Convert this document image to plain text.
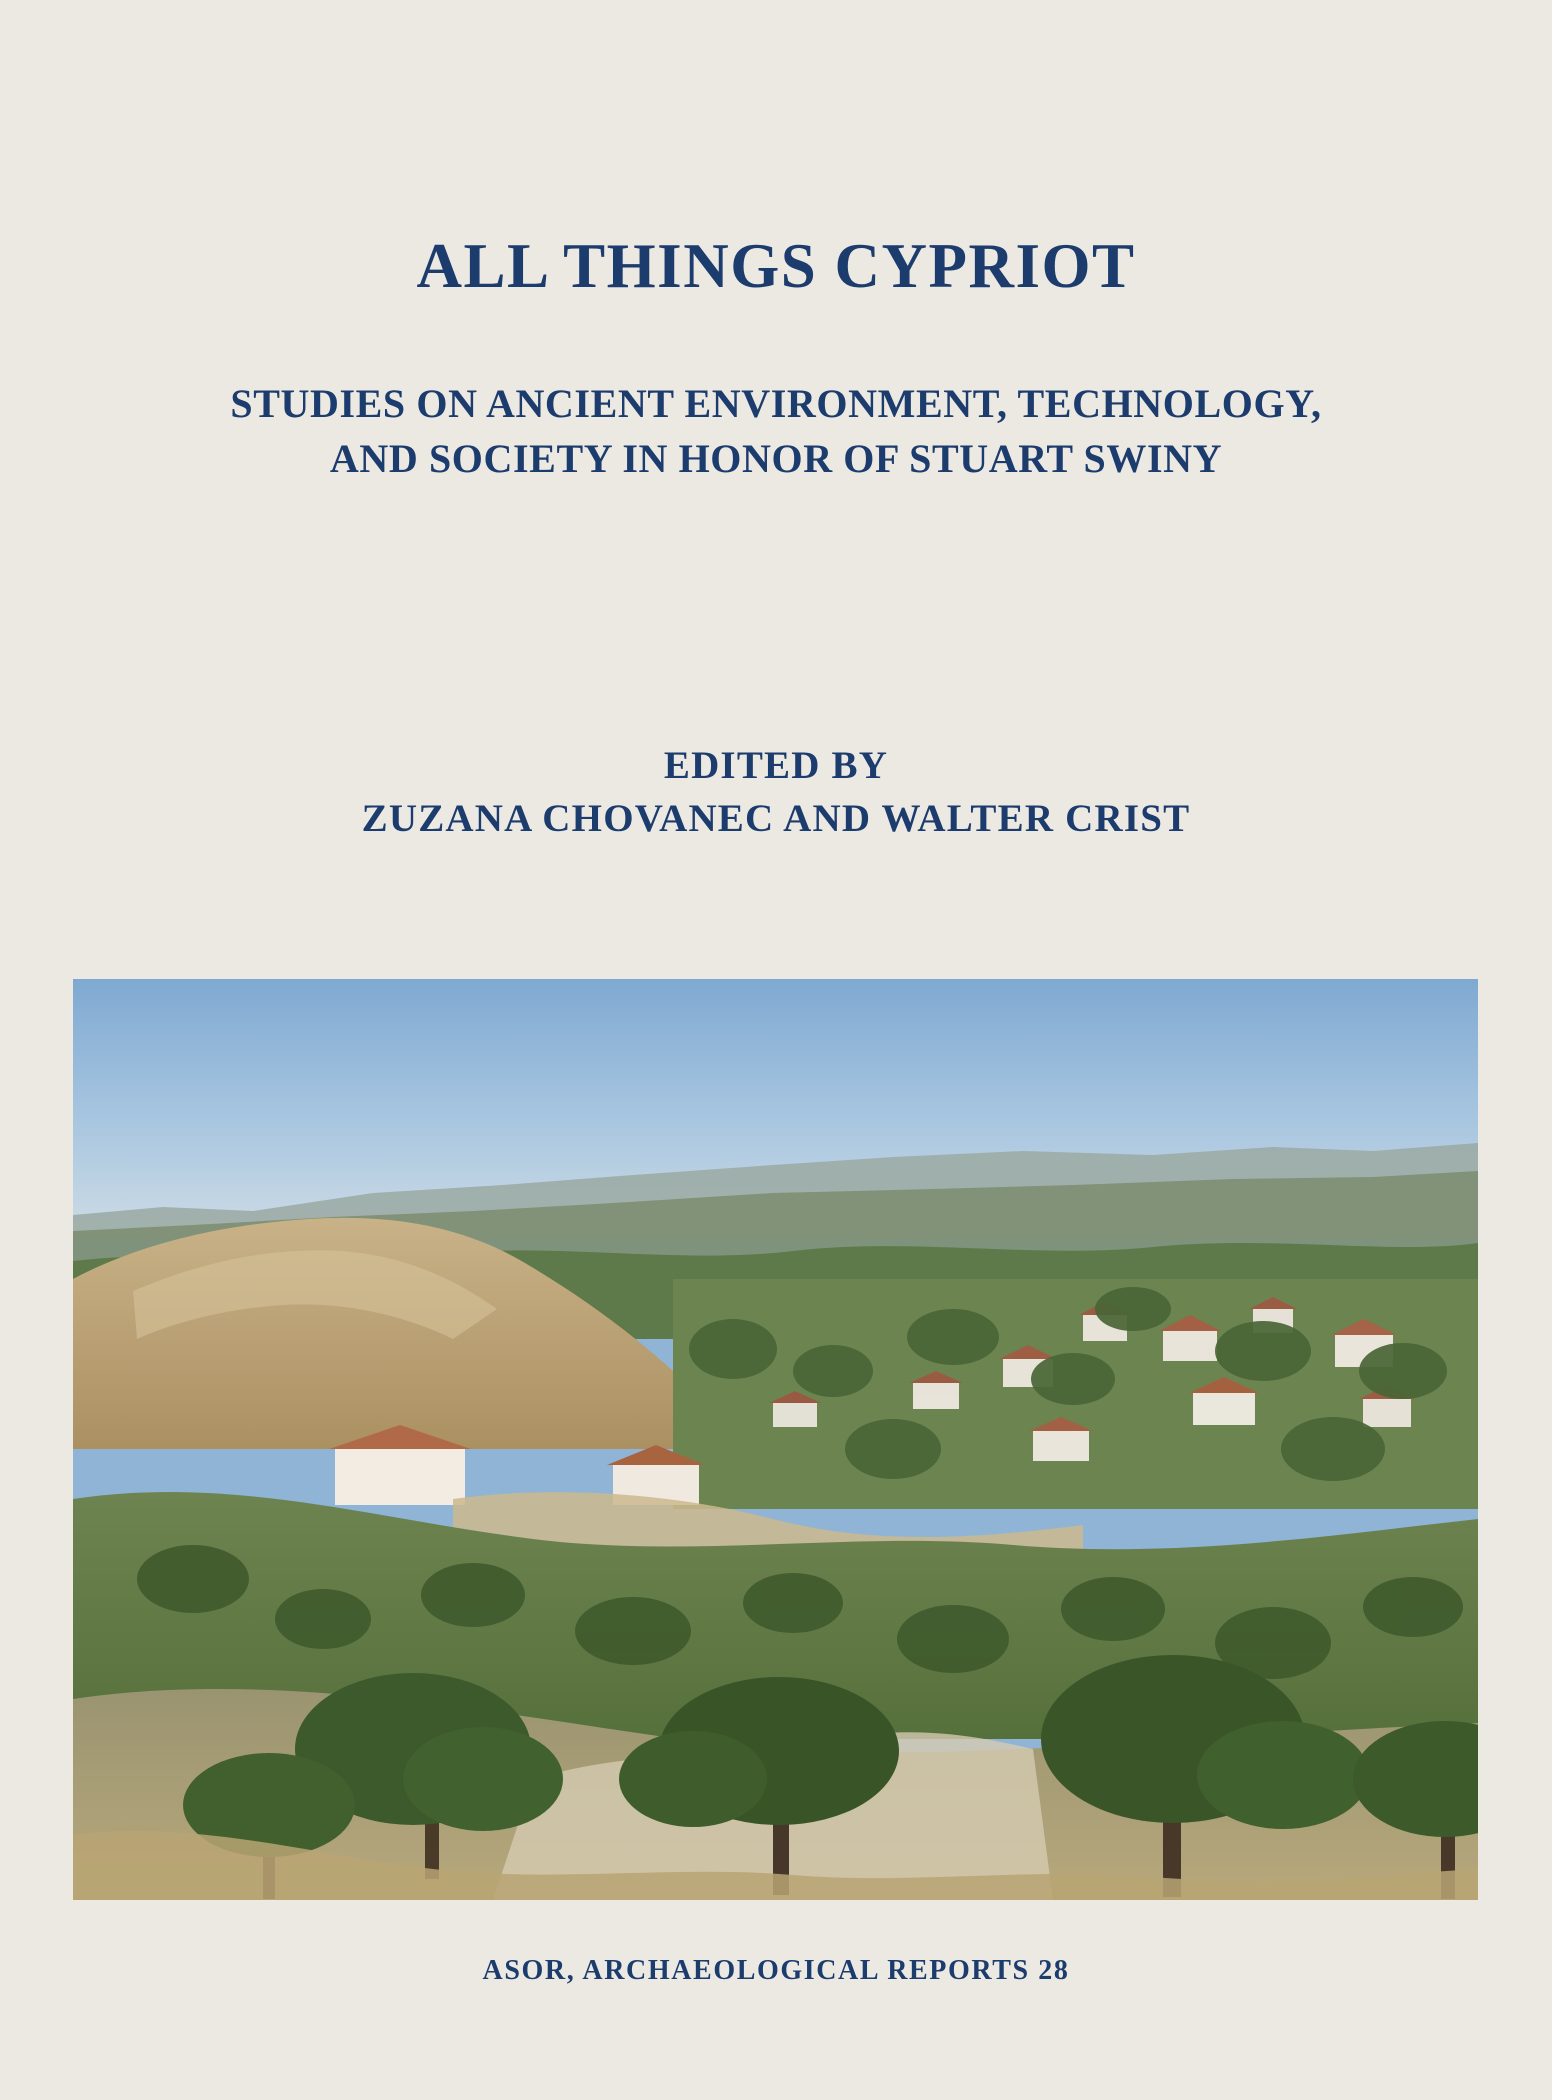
ALL THINGS CYPRIOT
STUDIES ON ANCIENT ENVIRONMENT, TECHNOLOGY,
AND SOCIETY IN HONOR OF STUART SWINY
EDITED BY
ZUZANA CHOVANEC AND WALTER CRIST
ASOR, ARCHAEOLOGICAL REPORTS 28
